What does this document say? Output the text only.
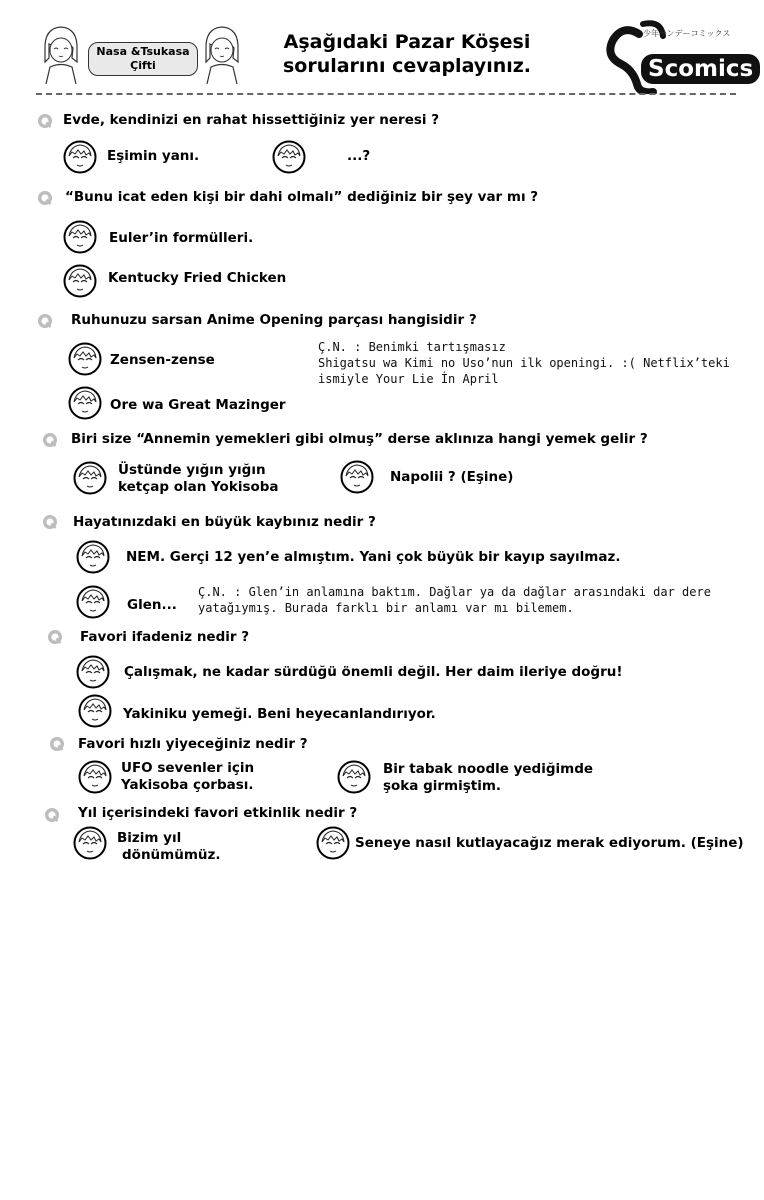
Nasa &Tsukasa
Çifti
Aşağıdaki Pazar Köşesi
sorularını cevaplayınız.
少年サンデーコミックス
Scomics
Evde, kendinizi en rahat hissettiğiniz yer neresi ?
Eşimin yanı.	...?
“Bunu icat eden kişi bir dahi olmalı” dediğiniz bir şey var mı ?
Euler’in formülleri.
Kentucky Fried Chicken
Ruhunuzu sarsan Anime Opening parçası hangisidir ?
Zensen-zense
Ç.N. : Benimki tartışmasız
Shigatsu wa Kimi no Uso’nun ilk openingi. :( Netflix’teki
ismiyle Your Lie İn April
Ore wa Great Mazinger
Biri size “Annemin yemekleri gibi olmuş” derse aklınıza hangi yemek gelir ?
Üstünde yığın yığın
ketçap olan Yokisoba
Napolii ? (Eşine)
Hayatınızdaki en büyük kaybınız nedir ?
NEM. Gerçi 12 yen’e almıştım. Yani çok büyük bir kayıp sayılmaz.
Glen...
Ç.N. : Glen’in anlamına baktım. Dağlar ya da dağlar arasındaki dar dere
yatağıymış. Burada farklı bir anlamı var mı bilemem.
Favori ifadeniz nedir ?
Çalışmak, ne kadar sürdüğü önemli değil. Her daim ileriye doğru!
Yakiniku yemeği. Beni heyecanlandırıyor.
Favori hızlı yiyeceğiniz nedir ?
UFO sevenler için
Yakisoba çorbası.
Bir tabak noodle yediğimde
şoka girmiştim.
Yıl içerisindeki favori etkinlik nedir ?
Bizim yıl
dönümümüz.
Seneye nasıl kutlayacağız merak ediyorum. (Eşine)
